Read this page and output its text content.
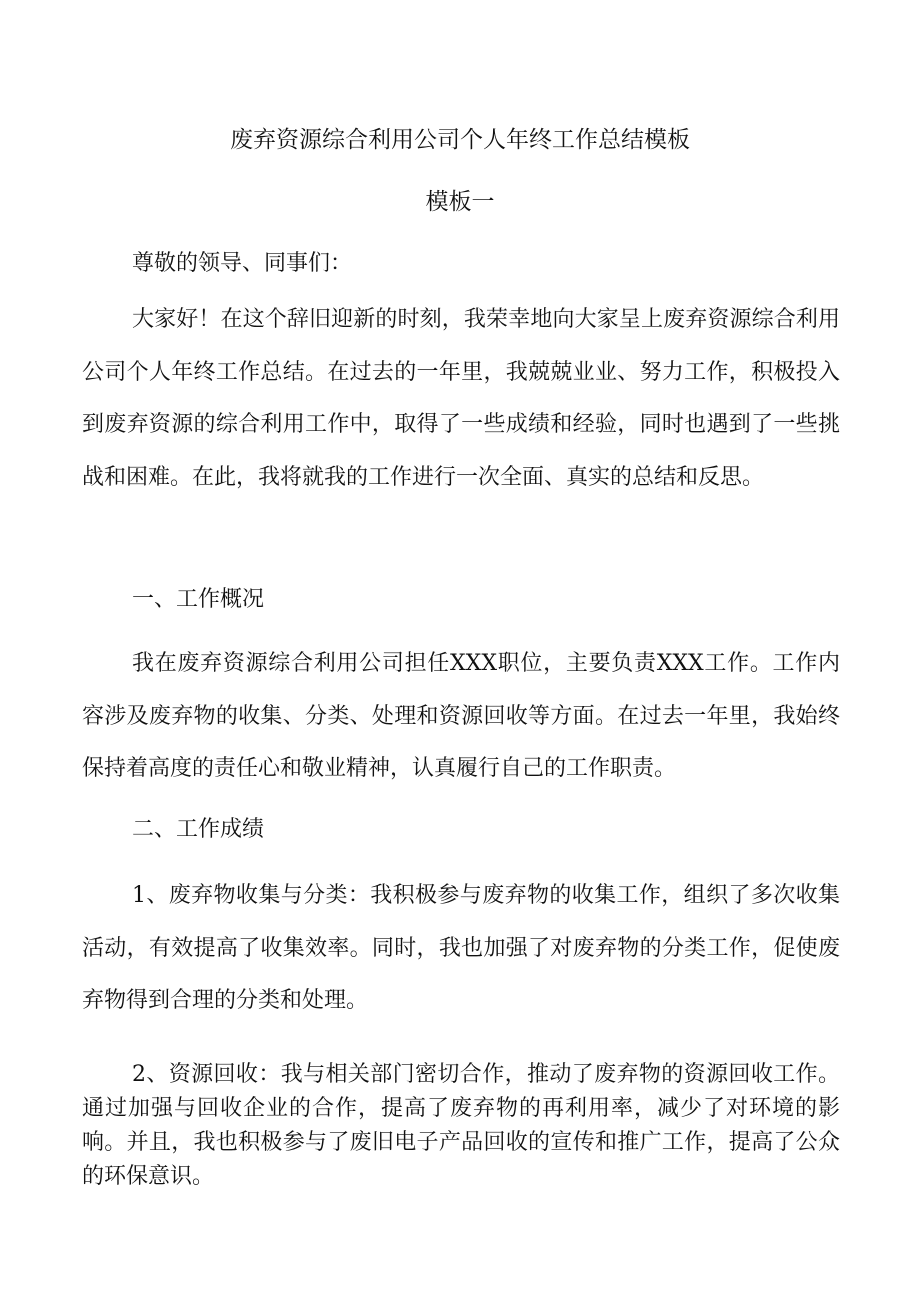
废弃资源综合利用公司个人年终工作总结模板
模板一

尊敬的领导、同事们：

大家好！在这个辞旧迎新的时刻，我荣幸地向大家呈上废弃资源综合利用公司个人年终工作总结。在过去的一年里，我兢兢业业、努力工作，积极投入到废弃资源的综合利用工作中，取得了一些成绩和经验，同时也遇到了一些挑战和困难。在此，我将就我的工作进行一次全面、真实的总结和反思。

一、工作概况

我在废弃资源综合利用公司担任XXX职位，主要负责XXX工作。工作内容涉及废弃物的收集、分类、处理和资源回收等方面。在过去一年里，我始终保持着高度的责任心和敬业精神，认真履行自己的工作职责。

二、工作成绩

1、废弃物收集与分类：我积极参与废弃物的收集工作，组织了多次收集活动，有效提高了收集效率。同时，我也加强了对废弃物的分类工作，促使废弃物得到合理的分类和处理。

2、资源回收：我与相关部门密切合作，推动了废弃物的资源回收工作。通过加强与回收企业的合作，提高了废弃物的再利用率，减少了对环境的影响。并且，我也积极参与了废旧电子产品回收的宣传和推广工作，提高了公众的环保意识。
